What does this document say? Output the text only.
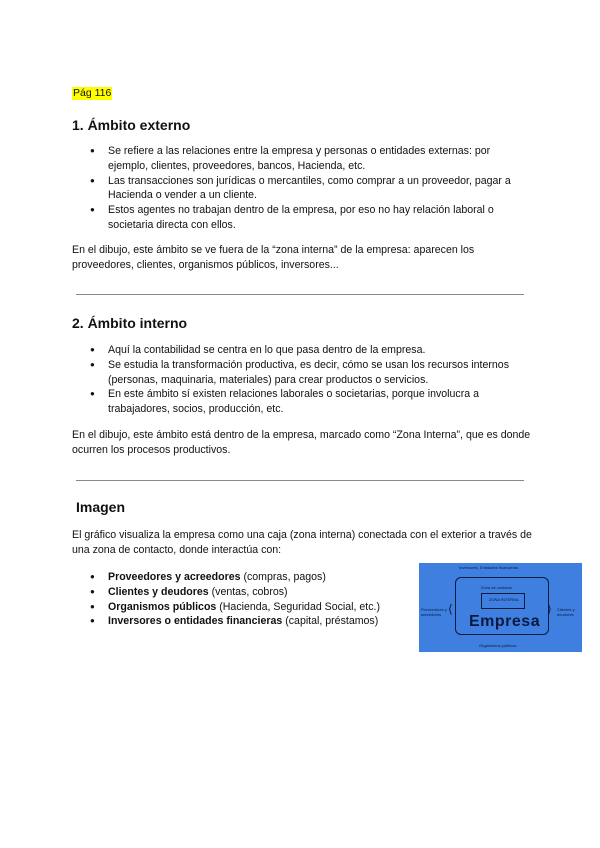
Pág 116
1. Ámbito externo
● Se refiere a las relaciones entre la empresa y personas o entidades externas: por ejemplo, clientes, proveedores, bancos, Hacienda, etc.
● Las transacciones son jurídicas o mercantiles, como comprar a un proveedor, pagar a Hacienda o vender a un cliente.
● Estos agentes no trabajan dentro de la empresa, por eso no hay relación laboral o societaria directa con ellos.

En el dibujo, este ámbito se ve fuera de la “zona interna” de la empresa: aparecen los proveedores, clientes, organismos públicos, inversores...

2. Ámbito interno
● Aquí la contabilidad se centra en lo que pasa dentro de la empresa.
● Se estudia la transformación productiva, es decir, cómo se usan los recursos internos (personas, maquinaria, materiales) para crear productos o servicios.
● En este ámbito sí existen relaciones laborales o societarias, porque involucra a trabajadores, socios, producción, etc.

En el dibujo, este ámbito está dentro de la empresa, marcado como “Zona Interna”, que es donde ocurren los procesos productivos.

Imagen

El gráfico visualiza la empresa como una caja (zona interna) conectada con el exterior a través de una zona de contacto, donde interactúa con:

● Proveedores y acreedores (compras, pagos)
● Clientes y deudores (ventas, cobros)
● Organismos públicos (Hacienda, Seguridad Social, etc.)
● Inversores o entidades financieras (capital, préstamos)
Inversores, Entidades financieras
Zona de contacto
ZONA INTERNA
Empresa
Proveedores y acreedores ⟨	Clientes y deudores
⟩
Organismos públicos
